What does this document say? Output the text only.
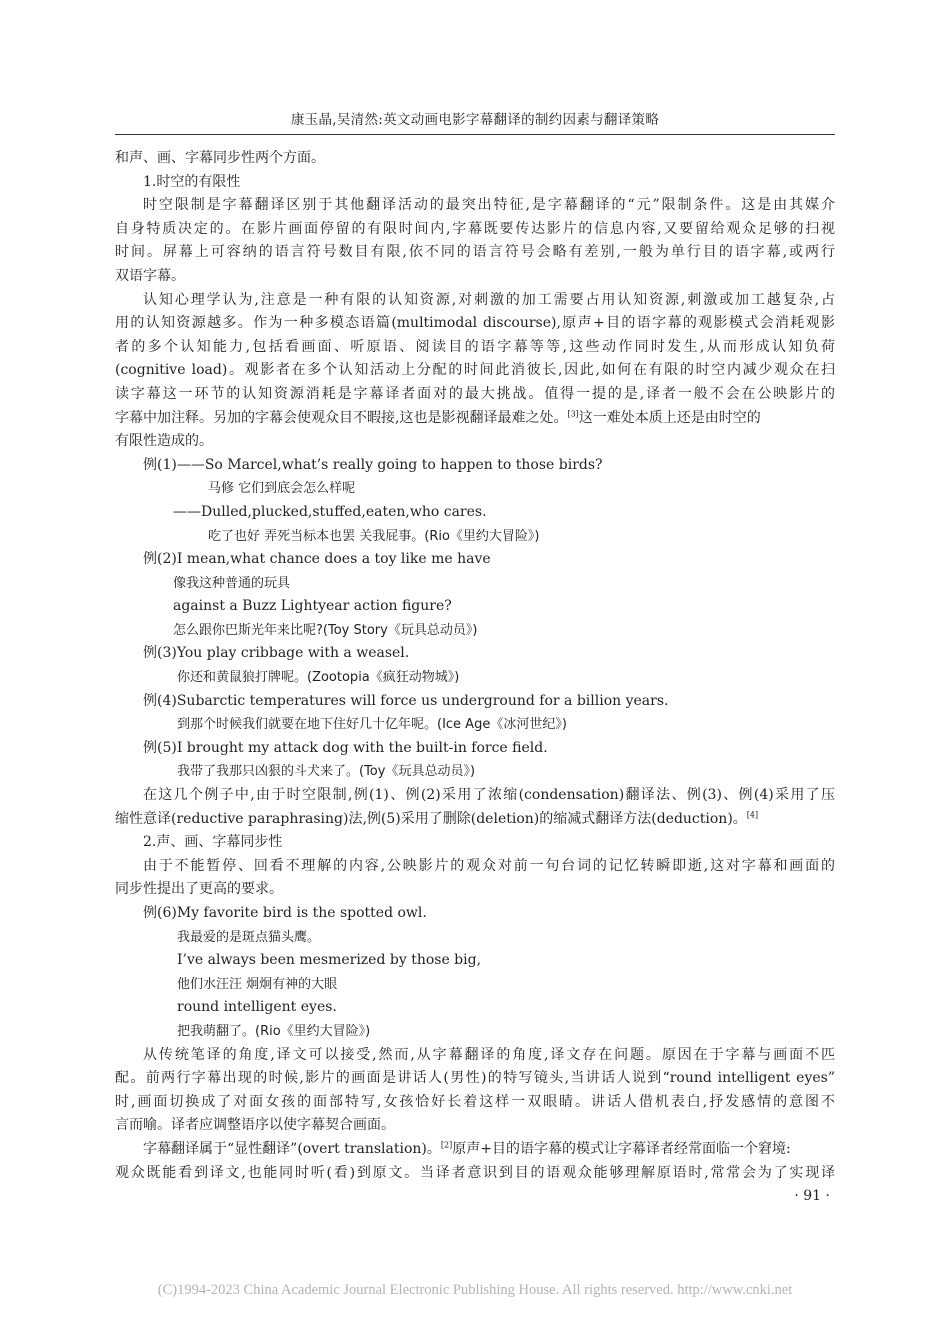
康玉晶,吴清然:英文动画电影字幕翻译的制约因素与翻译策略
和声、画、字幕同步性两个方面。
1.时空的有限性
时空限制是字幕翻译区别于其他翻译活动的最突出特征,是字幕翻译的“元”限制条件。这是由其媒介
自身特质决定的。在影片画面停留的有限时间内,字幕既要传达影片的信息内容,又要留给观众足够的扫视
时间。屏幕上可容纳的语言符号数目有限,依不同的语言符号会略有差别,一般为单行目的语字幕,或两行
双语字幕。
认知心理学认为,注意是一种有限的认知资源,对刺激的加工需要占用认知资源,刺激或加工越复杂,占
用的认知资源越多。作为一种多模态语篇(multimodal discourse),原声+目的语字幕的观影模式会消耗观影
者的多个认知能力,包括看画面、听原语、阅读目的语字幕等等,这些动作同时发生,从而形成认知负荷
(cognitive load)。观影者在多个认知活动上分配的时间此消彼长,因此,如何在有限的时空内减少观众在扫
读字幕这一环节的认知资源消耗是字幕译者面对的最大挑战。值得一提的是,译者一般不会在公映影片的
字幕中加注释。另加的字幕会使观众目不暇接,这也是影视翻译最难之处。[3]这一难处本质上还是由时空的
有限性造成的。
例(1)——So Marcel,what’s really going to happen to those birds?
马修 它们到底会怎么样呢
——Dulled,plucked,stuffed,eaten,who cares.
吃了也好 弄死当标本也罢 关我屁事。(Rio《里约大冒险》)
例(2)I mean,what chance does a toy like me have
像我这种普通的玩具
against a Buzz Lightyear action figure?
怎么跟你巴斯光年来比呢?(Toy Story《玩具总动员》)
例(3)You play cribbage with a weasel.
你还和黄鼠狼打牌呢。(Zootopia《疯狂动物城》)
例(4)Subarctic temperatures will force us underground for a billion years.
到那个时候我们就要在地下住好几十亿年呢。(Ice Age《冰河世纪》)
例(5)I brought my attack dog with the built-in force field.
我带了我那只凶狠的斗犬来了。(Toy《玩具总动员》)
在这几个例子中,由于时空限制,例(1)、例(2)采用了浓缩(condensation)翻译法、例(3)、例(4)采用了压
缩性意译(reductive paraphrasing)法,例(5)采用了删除(deletion)的缩减式翻译方法(deduction)。[4]
2.声、画、字幕同步性
由于不能暂停、回看不理解的内容,公映影片的观众对前一句台词的记忆转瞬即逝,这对字幕和画面的
同步性提出了更高的要求。
例(6)My favorite bird is the spotted owl.
我最爱的是斑点猫头鹰。
I’ve always been mesmerized by those big,
他们水汪汪 炯炯有神的大眼
round intelligent eyes.
把我萌翻了。(Rio《里约大冒险》)
从传统笔译的角度,译文可以接受,然而,从字幕翻译的角度,译文存在问题。原因在于字幕与画面不匹
配。前两行字幕出现的时候,影片的画面是讲话人(男性)的特写镜头,当讲话人说到“round intelligent eyes”
时,画面切换成了对面女孩的面部特写,女孩恰好长着这样一双眼睛。讲话人借机表白,抒发感情的意图不
言而喻。译者应调整语序以使字幕契合画面。
字幕翻译属于“显性翻译”(overt translation)。[2]原声+目的语字幕的模式让字幕译者经常面临一个窘境:
观众既能看到译文,也能同时听(看)到原文。当译者意识到目的语观众能够理解原语时,常常会为了实现译
· 91 ·
(C)1994-2023 China Academic Journal Electronic Publishing House. All rights reserved. http://www.cnki.net
